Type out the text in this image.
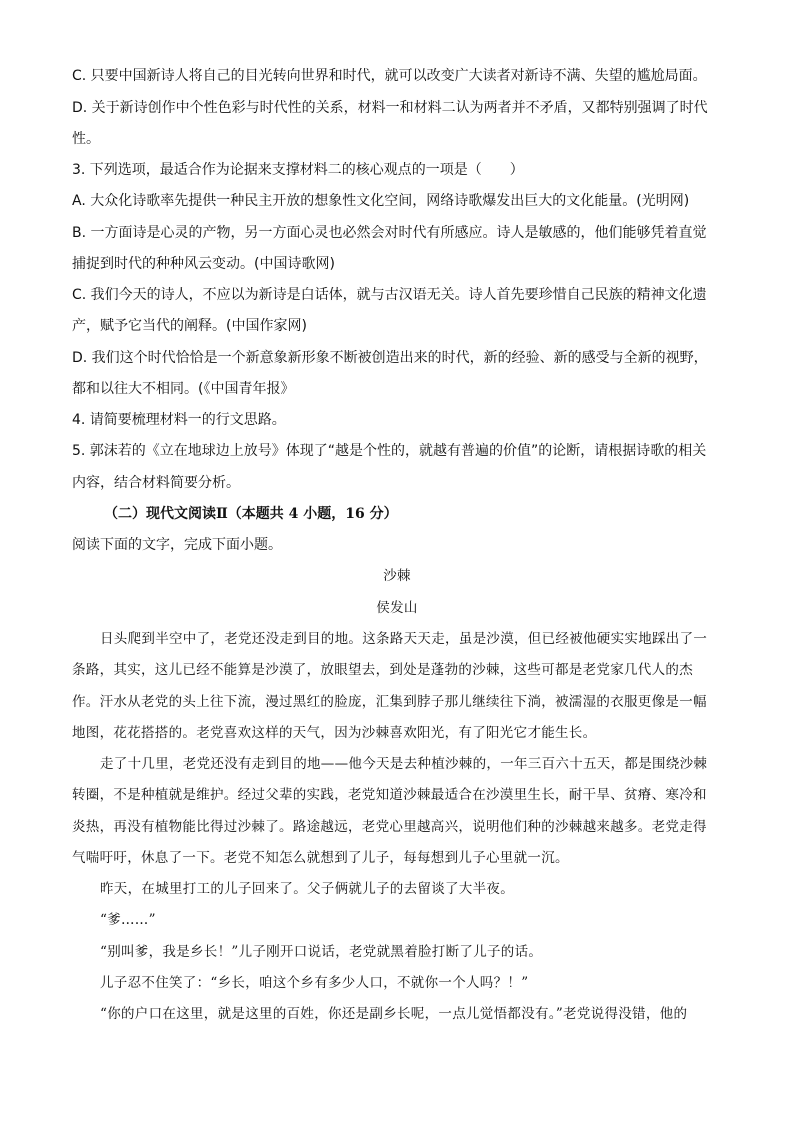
C. 只要中国新诗人将自己的目光转向世界和时代，就可以改变广大读者对新诗不满、失望的尴尬局面。
D. 关于新诗创作中个性色彩与时代性的关系，材料一和材料二认为两者并不矛盾，又都特别强调了时代
性。
3. 下列选项，最适合作为论据来支撑材料二的核心观点的一项是（　　）
A. 大众化诗歌率先提供一种民主开放的想象性文化空间，网络诗歌爆发出巨大的文化能量。(光明网)
B. 一方面诗是心灵的产物，另一方面心灵也必然会对时代有所感应。诗人是敏感的，他们能够凭着直觉
捕捉到时代的种种风云变动。(中国诗歌网)
C. 我们今天的诗人，不应以为新诗是白话体，就与古汉语无关。诗人首先要珍惜自己民族的精神文化遗
产，赋予它当代的阐释。(中国作家网)
D. 我们这个时代恰恰是一个新意象新形象不断被创造出来的时代，新的经验、新的感受与全新的视野，
都和以往大不相同。(《中国青年报》
4. 请简要梳理材料一的行文思路。
5. 郭沫若的《立在地球边上放号》体现了“越是个性的，就越有普遍的价值”的论断，请根据诗歌的相关
内容，结合材料简要分析。
（二）现代文阅读Ⅱ（本题共 4 小题，16 分）
阅读下面的文字，完成下面小题。
沙棘
侯发山
日头爬到半空中了，老党还没走到目的地。这条路天天走，虽是沙漠，但已经被他硬实实地踩出了一
条路，其实，这儿已经不能算是沙漠了，放眼望去，到处是蓬勃的沙棘，这些可都是老党家几代人的杰
作。汗水从老党的头上往下流，漫过黑红的脸庞，汇集到脖子那儿继续往下淌，被濡湿的衣服更像是一幅
地图，花花搭搭的。老党喜欢这样的天气，因为沙棘喜欢阳光，有了阳光它才能生长。
走了十几里，老党还没有走到目的地——他今天是去种植沙棘的，一年三百六十五天，都是围绕沙棘
转圈，不是种植就是维护。经过父辈的实践，老党知道沙棘最适合在沙漠里生长，耐干旱、贫瘠、寒冷和
炎热，再没有植物能比得过沙棘了。路途越远，老党心里越高兴，说明他们种的沙棘越来越多。老党走得
气喘吁吁，休息了一下。老党不知怎么就想到了儿子，每每想到儿子心里就一沉。
昨天，在城里打工的儿子回来了。父子俩就儿子的去留谈了大半夜。
“爹……”
“别叫爹，我是乡长！”儿子刚开口说话，老党就黑着脸打断了儿子的话。
儿子忍不住笑了：“乡长，咱这个乡有多少人口，不就你一个人吗？！”
“你的户口在这里，就是这里的百姓，你还是副乡长呢，一点儿觉悟都没有。”老党说得没错，他的
